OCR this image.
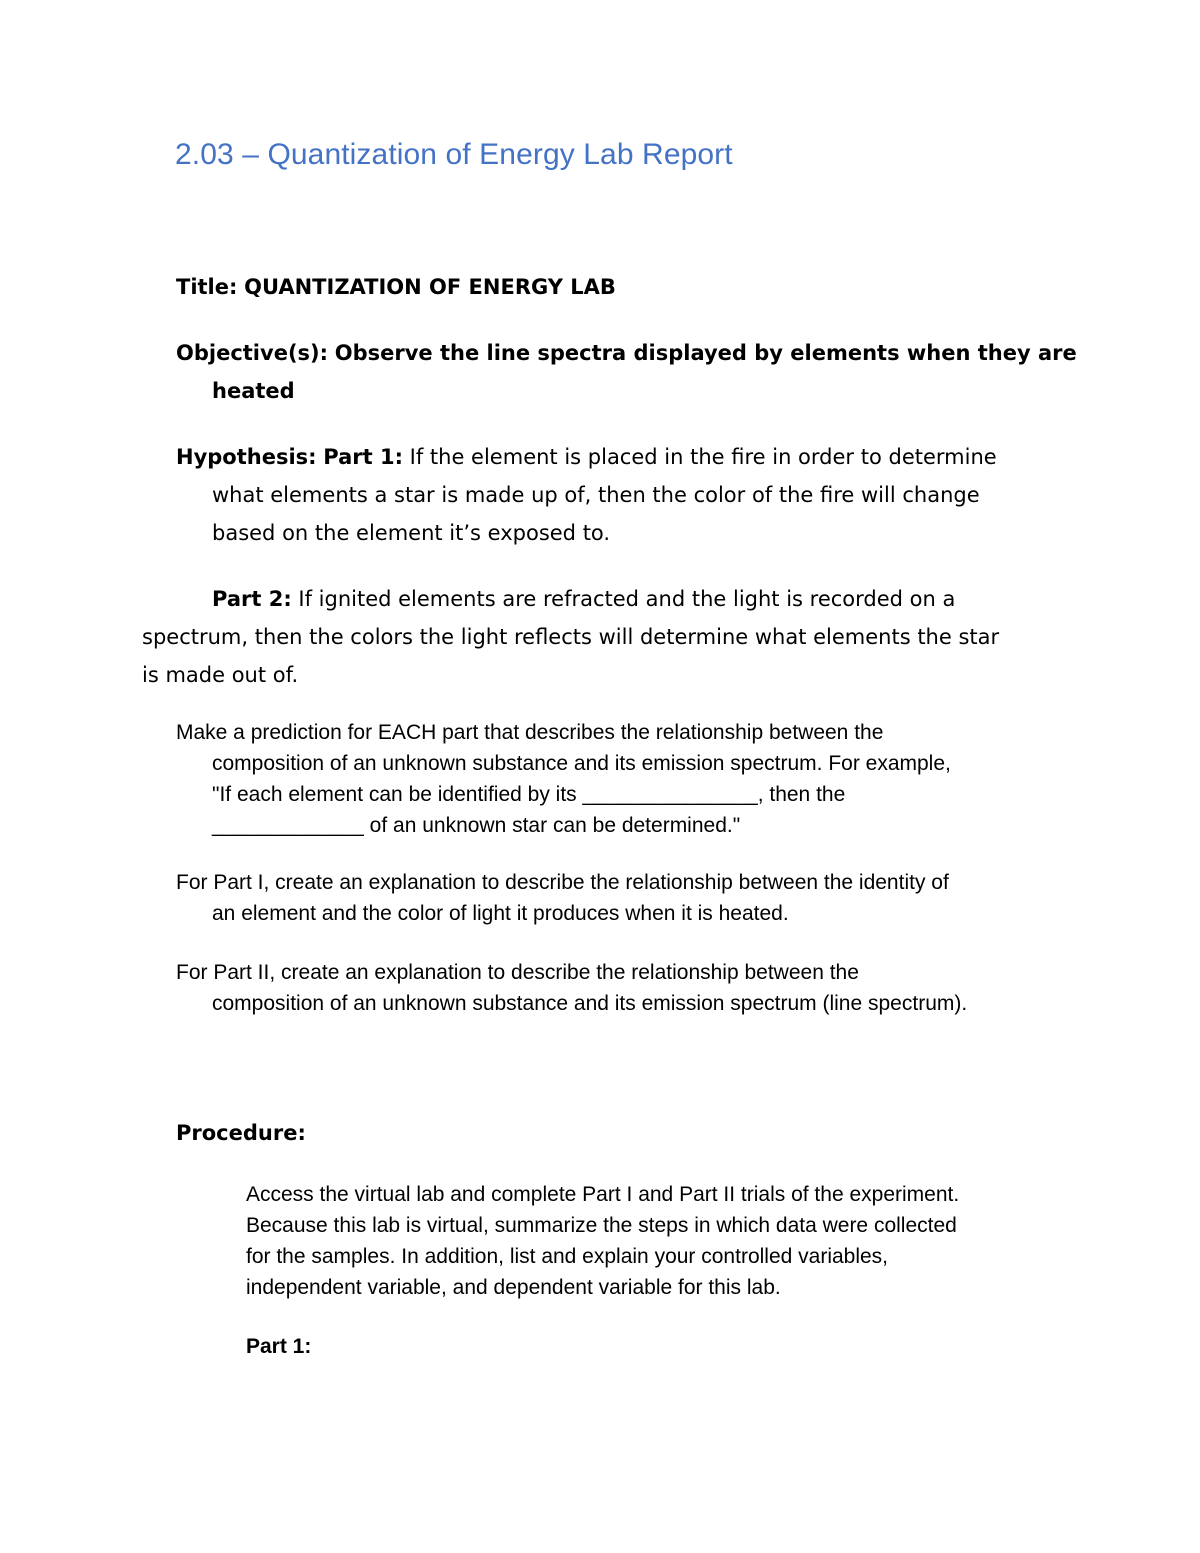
2.03 – Quantization of Energy Lab Report

Title: QUANTIZATION OF ENERGY LAB

Objective(s): Observe the line spectra displayed by elements when they are
heated
Hypothesis: Part 1: If the element is placed in the fire in order to determine
what elements a star is made up of, then the color of the fire will change
based on the element it’s exposed to.
Part 2: If ignited elements are refracted and the light is recorded on a
spectrum, then the colors the light reflects will determine what elements the star
is made out of.
Make a prediction for EACH part that describes the relationship between the
composition of an unknown substance and its emission spectrum. For example,
"If each element can be identified by its _______________, then the
_____________ of an unknown star can be determined."
For Part I, create an explanation to describe the relationship between the identity of
an element and the color of light it produces when it is heated.
For Part II, create an explanation to describe the relationship between the
composition of an unknown substance and its emission spectrum (line spectrum).

Procedure:

Access the virtual lab and complete Part I and Part II trials of the experiment.
Because this lab is virtual, summarize the steps in which data were collected
for the samples. In addition, list and explain your controlled variables,
independent variable, and dependent variable for this lab.

Part 1:
